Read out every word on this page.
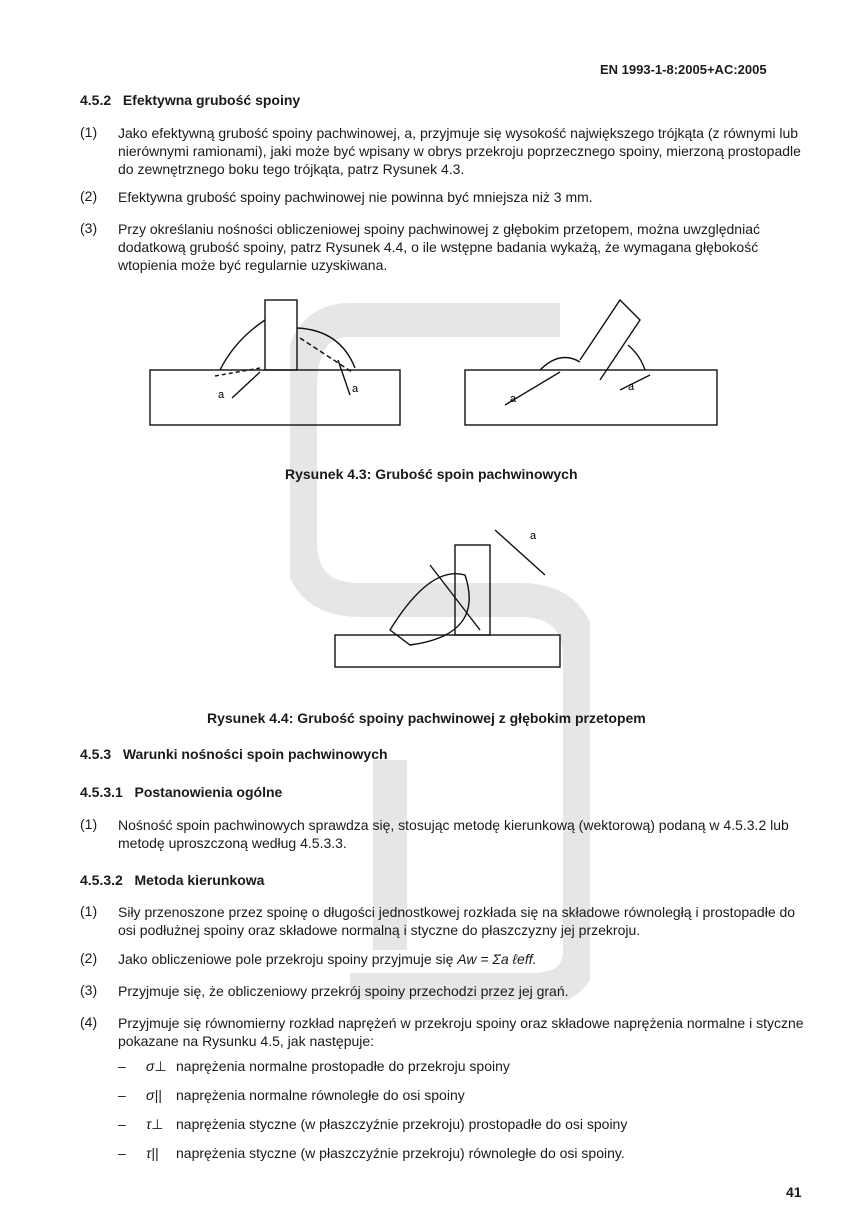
EN 1993-1-8:2005+AC:2005
4.5.2 Efektywna grubość spoiny
(1)	Jako efektywną grubość spoiny pachwinowej, a, przyjmuje się wysokość największego trójkąta (z równymi lub nierównymi ramionami), jaki może być wpisany w obrys przekroju poprzecznego spoiny, mierzoną prostopadle do zewnętrznego boku tego trójkąta, patrz Rysunek 4.3.
(2)	Efektywna grubość spoiny pachwinowej nie powinna być mniejsza niż 3 mm.
(3)	Przy określaniu nośności obliczeniowej spoiny pachwinowej z głębokim przetopem, można uwzględniać dodatkową grubość spoiny, patrz Rysunek 4.4, o ile wstępne badania wykażą, że wymagana głębokość wtopienia może być regularnie uzyskiwana.
a	a
a
a
Rysunek 4.3: Grubość spoin pachwinowych
a
Rysunek 4.4: Grubość spoiny pachwinowej z głębokim przetopem
4.5.3 Warunki nośności spoin pachwinowych
4.5.3.1 Postanowienia ogólne
(1)	Nośność spoin pachwinowych sprawdza się, stosując metodę kierunkową (wektorową) podaną w 4.5.3.2 lub metodę uproszczoną według 4.5.3.3.
4.5.3.2 Metoda kierunkowa
(1)	Siły przenoszone przez spoinę o długości jednostkowej rozkłada się na składowe równoległą i prostopadłe do osi podłużnej spoiny oraz składowe normalną i styczne do płaszczyzny jej przekroju.
(2)	Jako obliczeniowe pole przekroju spoiny przyjmuje się Aw = Σa ℓeff.
(3)	Przyjmuje się, że obliczeniowy przekrój spoiny przechodzi przez jej grań.
(4)	Przyjmuje się równomierny rozkład naprężeń w przekroju spoiny oraz składowe naprężenia normalne i styczne pokazane na Rysunku 4.5, jak następuje:
–	σ⊥ naprężenia normalne prostopadłe do przekroju spoiny
–	σ||	naprężenia normalne równoległe do osi spoiny
–	τ⊥ naprężenia styczne (w płaszczyźnie przekroju) prostopadłe do osi spoiny
–	τ||	naprężenia styczne (w płaszczyźnie przekroju) równoległe do osi spoiny.
41
